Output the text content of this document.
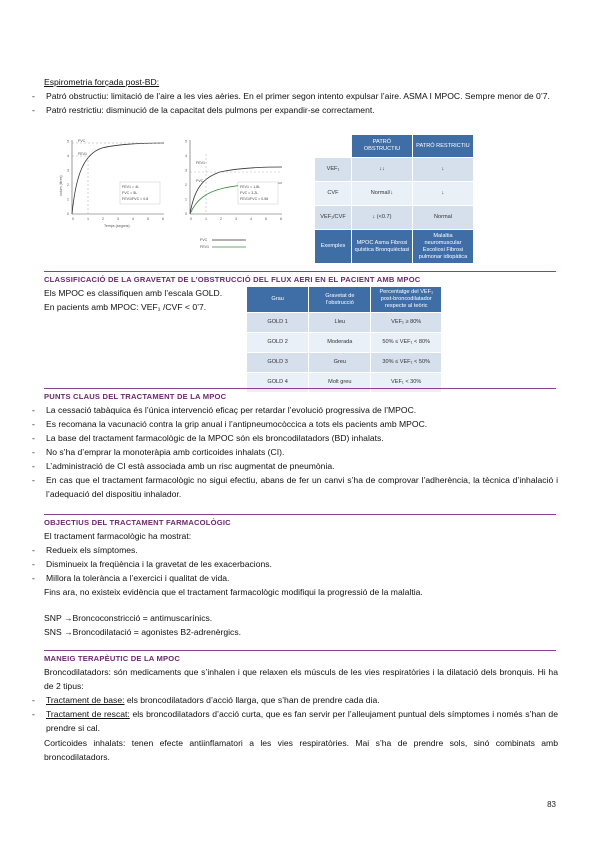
Espirometria forçada post-BD:
- Patró obstructiu: limitació de l’aire a les vies aèries. En el primer segon intento expulsar l’aire. ASMA I MPOC. Sempre menor de 0’7.
- Patró restrictiu: disminució de la capacitat dels pulmons per expandir-se correctament.
FVC
FEV1
volum (litres)
Temps (segons)
FEV1 = 4L
FVC = 5L
FEV1/FVC = 0.8
0	1	2	3	4	5	6
0
1
2
3
4
5
FEV1
FVC
FEV1 = 1.8L
FVC = 3.2L
FEV1/FVC = 0.56
0	1	2	3	4	5	6
0
1
2
3
4
5
FVC
FEV1
	PATRÓ OBSTRUCTIU	PATRÓ RESTRICTIU
VEF₁	↓↓	↓
CVF	Normal/↓	↓
VEF₁/CVF	↓ (<0.7)	Normal
Exemples	MPOC Asma Fibrosi quística Bronquièctasi	Malaltia neuromuscular Escoliosi Fibrosi pulmonar idiopàtica
CLASSIFICACIÓ DE LA GRAVETAT DE L’OBSTRUCCIÓ DEL FLUX AERI EN EL PACIENT AMB MPOC
Els MPOC es classifiquen amb l’escala GOLD.
En pacients amb MPOC: VEF₁ /CVF < 0’7.
Grau	Gravetat de l’obstrucció	Percentatge del VEF₁ post-broncodilatador respecte al teòric
GOLD 1	Lleu	VEF₁ ≥ 80%
GOLD 2	Moderada	50% ≤ VEF₁ < 80%
GOLD 3	Greu	30% ≤ VEF₁ < 50%
GOLD 4	Molt greu	VEF₁ < 30%
PUNTS CLAUS DEL TRACTAMENT DE LA MPOC
- La cessació tabàquica és l’única intervenció eficaç per retardar l’evolució progressiva de l’MPOC.
- Es recomana la vacunació contra la grip anual i l’antipneumocòccica a tots els pacients amb MPOC.
- La base del tractament farmacològic de la MPOC són els broncodilatadors (BD) inhalats.
- No s’ha d’emprar la monoteràpia amb corticoides inhalats (CI).
- L’administració de CI està associada amb un risc augmentat de pneumònia.
- En cas que el tractament farmacològic no sigui efectiu, abans de fer un canvi s’ha de comprovar l’adherència, la tècnica d’inhalació i l’adequació del dispositiu inhalador.
OBJECTIUS DEL TRACTAMENT FARMACOLÒGIC
El tractament farmacològic ha mostrat:
- Redueix els símptomes.
- Disminueix la freqüència i la gravetat de les exacerbacions.
- Millora la tolerància a l’exercici i qualitat de vida.
Fins ara, no existeix evidència que el tractament farmacològic modifiqui la progressió de la malaltia.
SNP →Broncoconstricció = antimuscarínics.
SNS →Broncodilatació = agonistes B2-adrenèrgics.
MANEIG TERAPÈUTIC DE LA MPOC
Broncodilatadors: són medicaments que s’inhalen i que relaxen els músculs de les vies respiratòries i la dilatació dels bronquis. Hi ha de 2 tipus:
- Tractament de base: els broncodilatadors d’acció llarga, que s’han de prendre cada dia.
- Tractament de rescat: els broncodilatadors d’acció curta, que es fan servir per l’alleujament puntual dels símptomes i només s’han de prendre si cal.
Corticoides inhalats: tenen efecte antiinflamatori a les vies respiratòries. Mai s’ha de prendre sols, sinó combinats amb broncodilatadors.
83
